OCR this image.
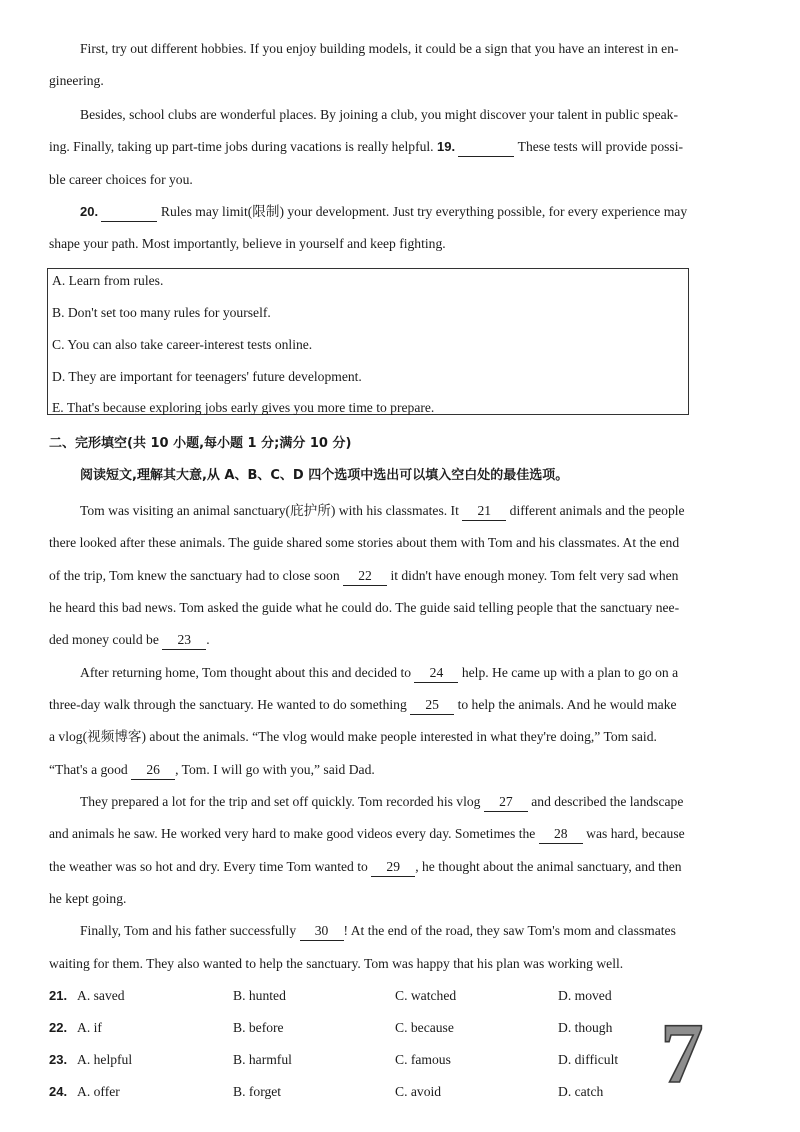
First, try out different hobbies. If you enjoy building models, it could be a sign that you have an interest in en-
gineering.
Besides, school clubs are wonderful places. By joining a club, you might discover your talent in public speak-
ing. Finally, taking up part-time jobs during vacations is really helpful. 19.	These tests will provide possi-
ble career choices for you.
20.	Rules may limit(限制) your development. Just try everything possible, for every experience may
shape your path. Most importantly, believe in yourself and keep fighting.
A. Learn from rules.
B. Don't set too many rules for yourself.
C. You can also take career-interest tests online.
D. They are important for teenagers' future development.
E. That's because exploring jobs early gives you more time to prepare.
二、完形填空(共 10 小题,每小题 1 分;满分 10 分)
阅读短文,理解其大意,从 A、B、C、D 四个选项中选出可以填入空白处的最佳选项。
Tom was visiting an animal sanctuary(庇护所) with his classmates. It 21 different animals and the people
there looked after these animals. The guide shared some stories about them with Tom and his classmates. At the end
of the trip, Tom knew the sanctuary had to close soon 22 it didn't have enough money. Tom felt very sad when
he heard this bad news. Tom asked the guide what he could do. The guide said telling people that the sanctuary nee-
ded money could be 23 .
After returning home, Tom thought about this and decided to 24 help. He came up with a plan to go on a
three-day walk through the sanctuary. He wanted to do something 25 to help the animals. And he would make
a vlog(视频博客) about the animals. “The vlog would make people interested in what they're doing,” Tom said.
“That's a good 26 , Tom. I will go with you,” said Dad.
They prepared a lot for the trip and set off quickly. Tom recorded his vlog 27 and described the landscape
and animals he saw. He worked very hard to make good videos every day. Sometimes the 28 was hard, because
the weather was so hot and dry. Every time Tom wanted to 29 , he thought about the animal sanctuary, and then
he kept going.
Finally, Tom and his father successfully 30 ! At the end of the road, they saw Tom's mom and classmates
waiting for them. They also wanted to help the sanctuary. Tom was happy that his plan was working well.
21. A. saved	B. hunted	C. watched	D. moved
22. A. if	B. before	C. because	D. though
23. A. helpful	B. harmful	C. famous	D. difficult
24. A. offer	B. forget	C. avoid	D. catch 7
